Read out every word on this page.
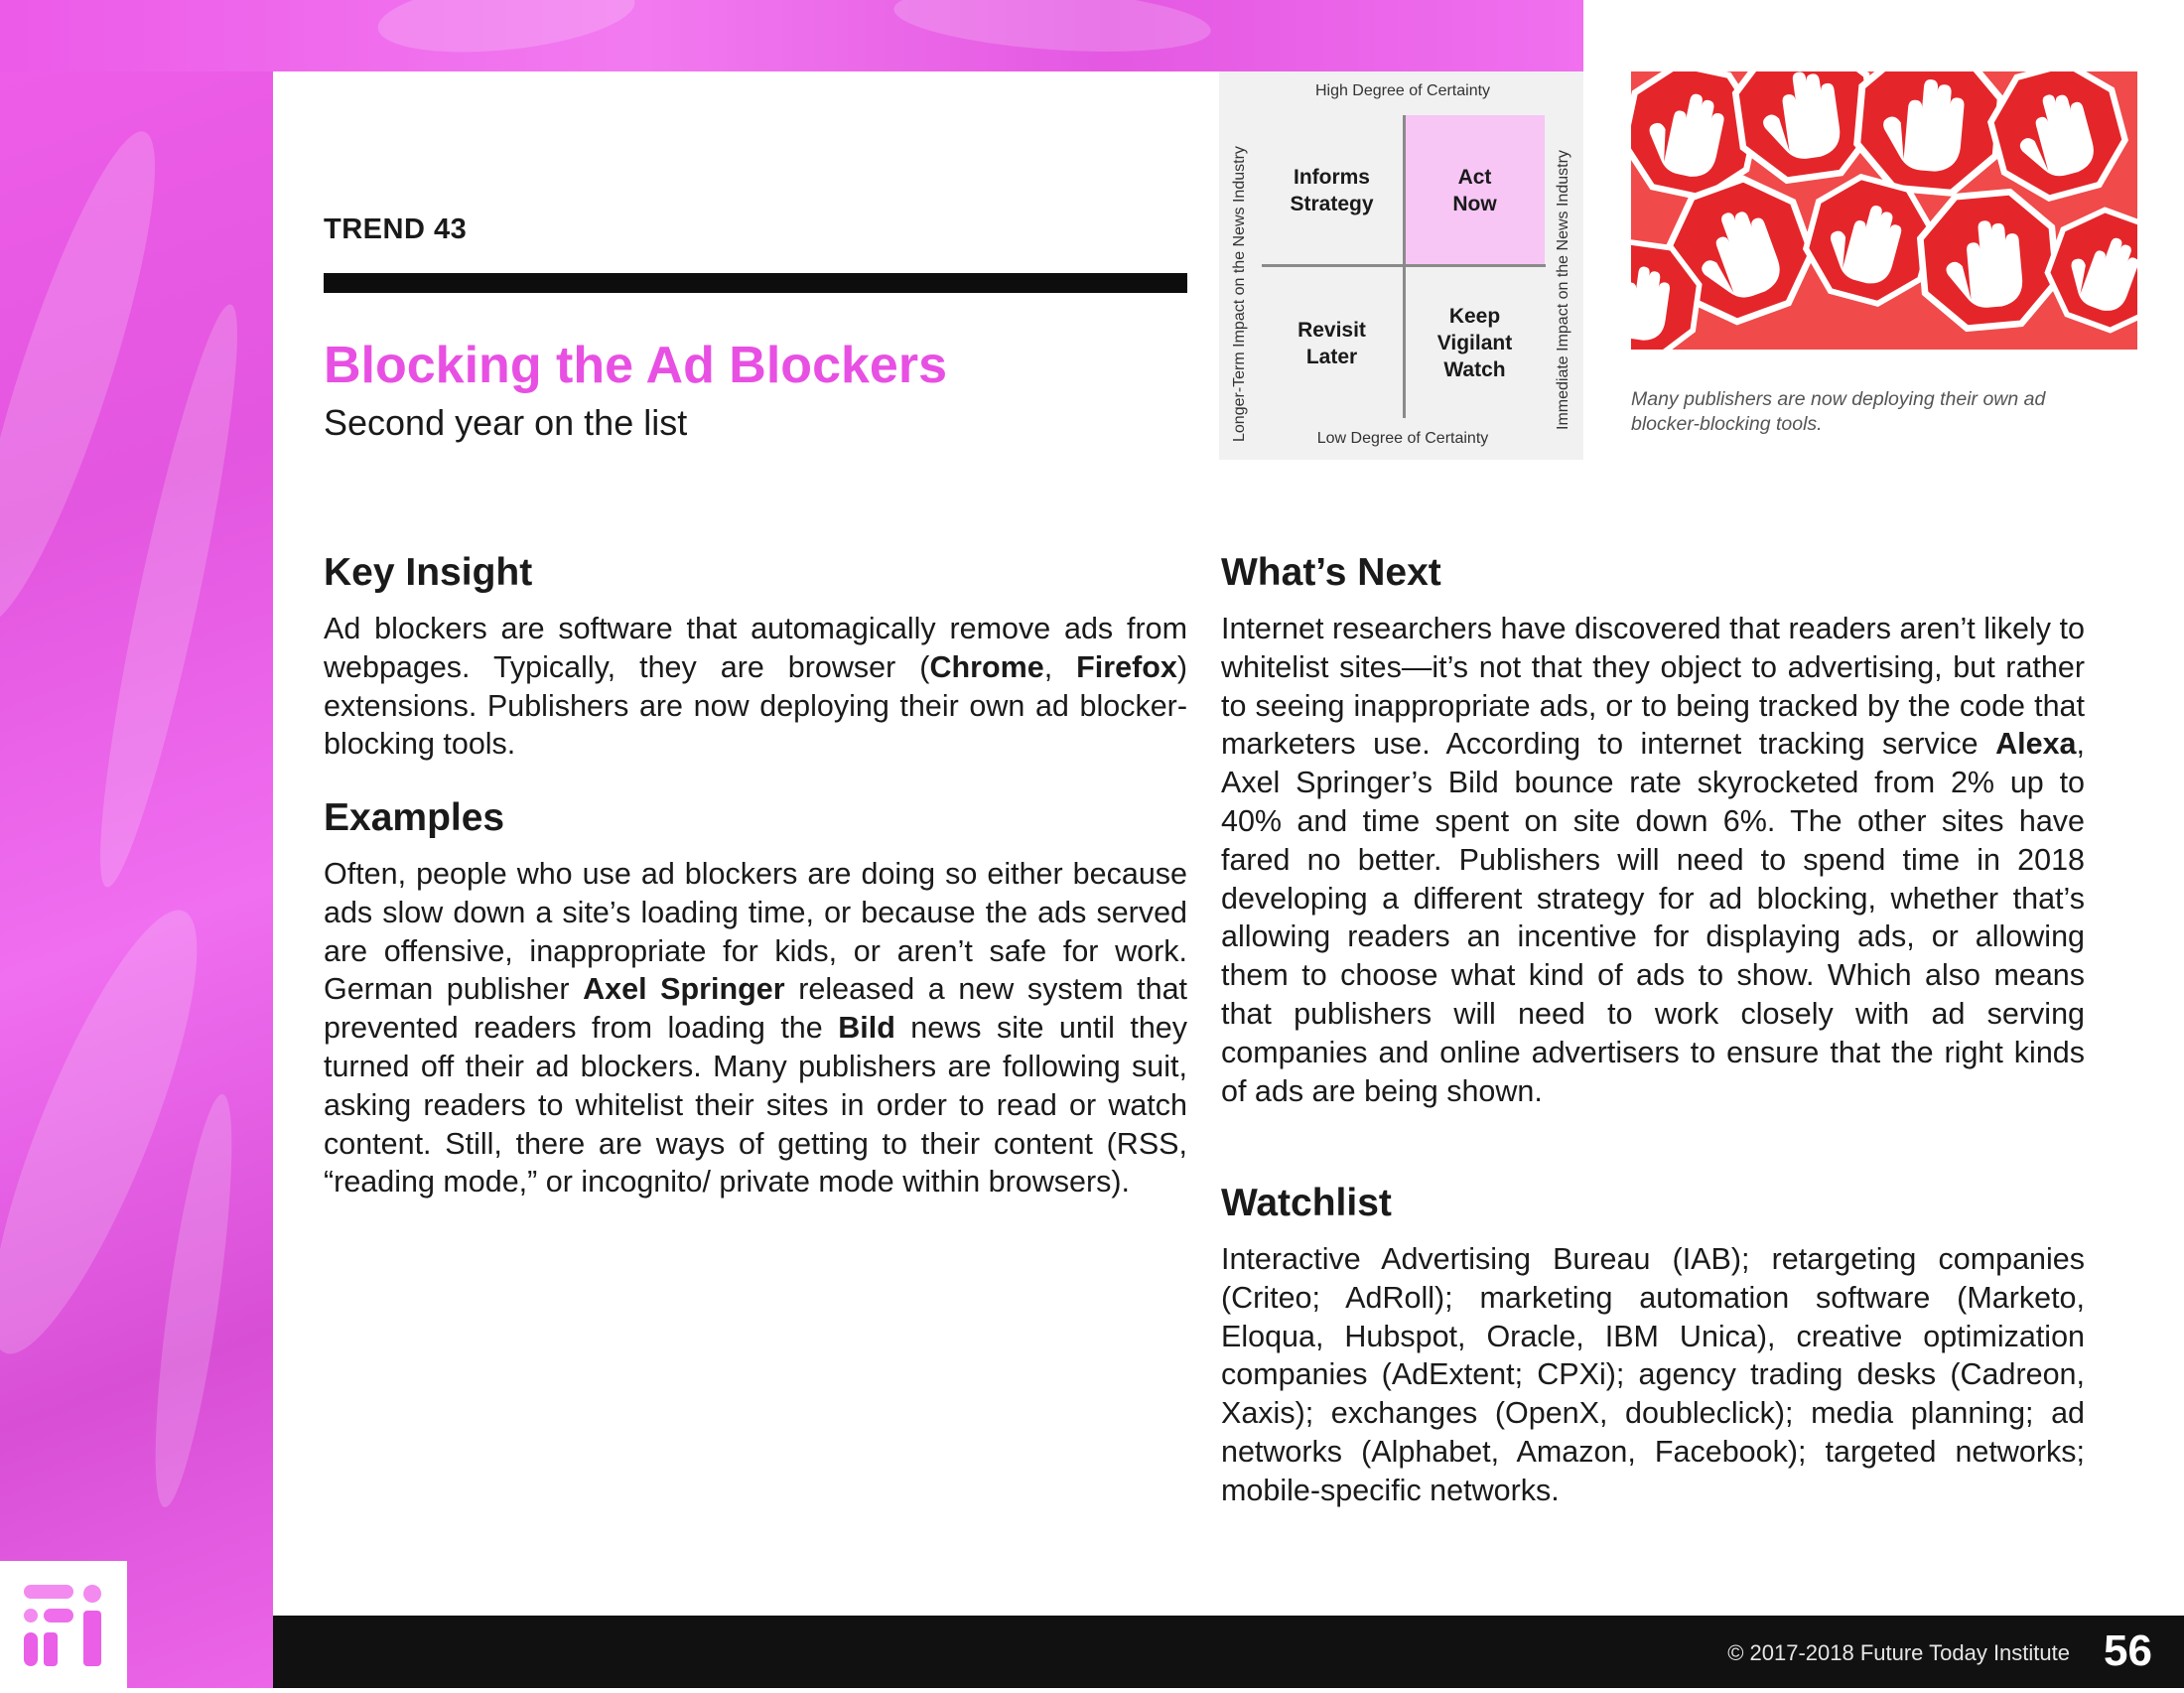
TREND 43
Blocking the Ad Blockers
Second year on the list
High Degree of Certainty
Low Degree of Certainty
Longer-Term Impact on the News Industry	Immediate Impact on the News Industry
Informs
Strategy
Act
Now
Revisit
Later
Keep
Vigilant
Watch
Many publishers are now deploying their own ad blocker-blocking tools.
Key Insight
Ad blockers are software that automagically remove ads from webpages. Typically, they are browser (Chrome, Firefox) extensions. Publishers are now deploying their own ad blocker-blocking tools.
Examples
Often, people who use ad blockers are doing so either because ads slow down a site’s loading time, or because the ads served are offensive, inappropriate for kids, or aren’t safe for work. German publisher Axel Springer released a new system that prevented readers from loading the Bild news site until they turned off their ad blockers. Many publishers are following suit, asking readers to whitelist their sites in order to read or watch content. Still, there are ways of getting to their content (RSS, “reading mode,” or incognito/ private mode within browsers).
What’s Next
Internet researchers have discovered that readers aren’t likely to whitelist sites—it’s not that they object to advertising, but rather to seeing inappropriate ads, or to being tracked by the code that marketers use. According to internet tracking service Alexa, Axel Springer’s Bild bounce rate skyrocketed from 2% up to 40% and time spent on site down 6%. The other sites have fared no better. Publishers will need to spend time in 2018 developing a different strategy for ad blocking, whether that’s allowing readers an incentive for displaying ads, or allowing them to choose what kind of ads to show. Which also means that publishers will need to work closely with ad serving companies and online advertisers to ensure that the right kinds of ads are being shown.
Watchlist
Interactive Advertising Bureau (IAB); retargeting companies (Criteo; AdRoll); marketing automation software (Marketo, Eloqua, Hubspot, Oracle, IBM Unica), creative optimization companies (AdExtent; CPXi); agency trading desks (Cadreon, Xaxis); exchanges (OpenX, doubleclick); media planning; ad networks (Alphabet, Amazon, Facebook); targeted networks; mobile-specific networks.
© 2017-2018 Future Today Institute 56
